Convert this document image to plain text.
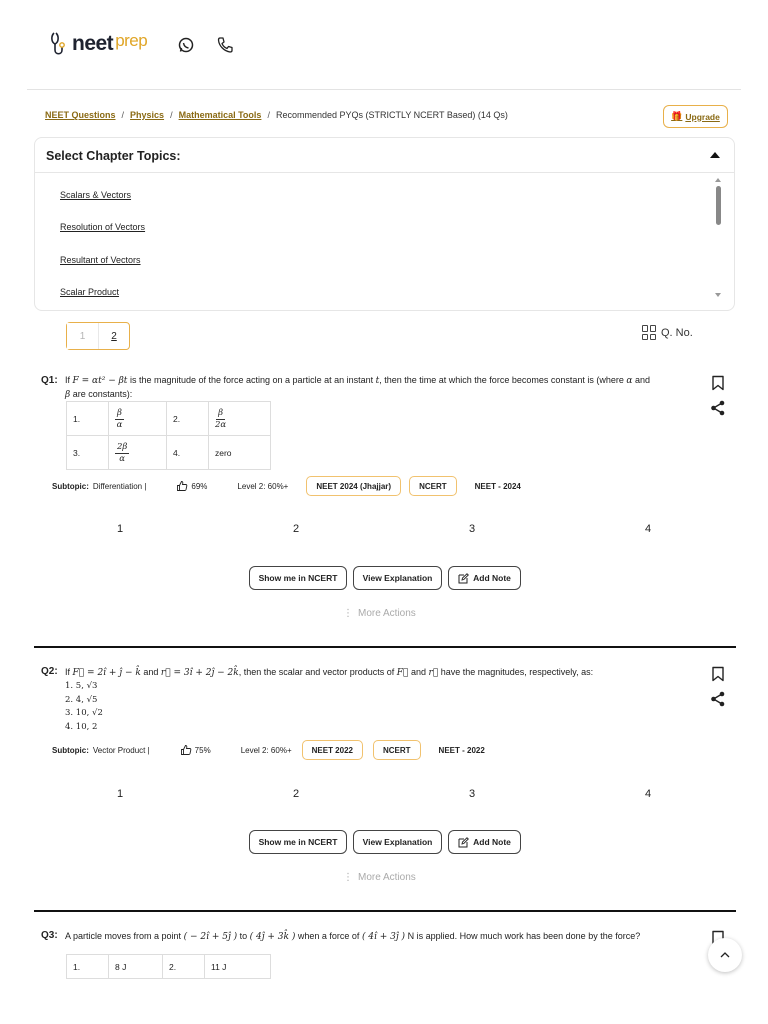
neet prep
NEET Questions / Physics / Mathematical Tools / Recommended PYQs (STRICTLY NCERT Based) (14 Qs)	🎁 Upgrade
Select Chapter Topics:
Scalars & Vectors
Resolution of Vectors
Resultant of Vectors
Scalar Product
1	2	Q. No.
Q1: If F = αt² − βt is the magnitude of the force acting on a particle at an instant t, then the time at which the force becomes constant is (where α and
β are constants):
1.	$\frac{\beta}{\alpha}$	2.	$\frac{\beta}{2\alpha}$

3.	$\frac{2\beta}{\alpha}$	4.	zero
Subtopic: Differentiation |	69%	Level 2: 60%+	NEET 2024 (Jhajjar)	NCERT	NEET - 2024
1	2	3	4
Show me in NCERT	View Explanation	Add Note
⋮ More Actions
Q2: If F⃗ = 2î + ĵ − k̂ and r⃗ = 3î + 2ĵ − 2k̂, then the scalar and vector products of F⃗ and r⃗ have the magnitudes, respectively, as:
1. 5, √3
2. 4, √5
3. 10, √2
4. 10, 2
Subtopic: Vector Product |	75%	Level 2: 60%+	NEET 2022	NCERT	NEET - 2022
1	2	3	4
Show me in NCERT	View Explanation	Add Note
⋮ More Actions
Q3: A particle moves from a point ( − 2î + 5ĵ ) to ( 4ĵ + 3k̂ ) when a force of ( 4î + 3ĵ ) N is applied. How much work has been done by the force?
1.	8 J	2.	11 J
